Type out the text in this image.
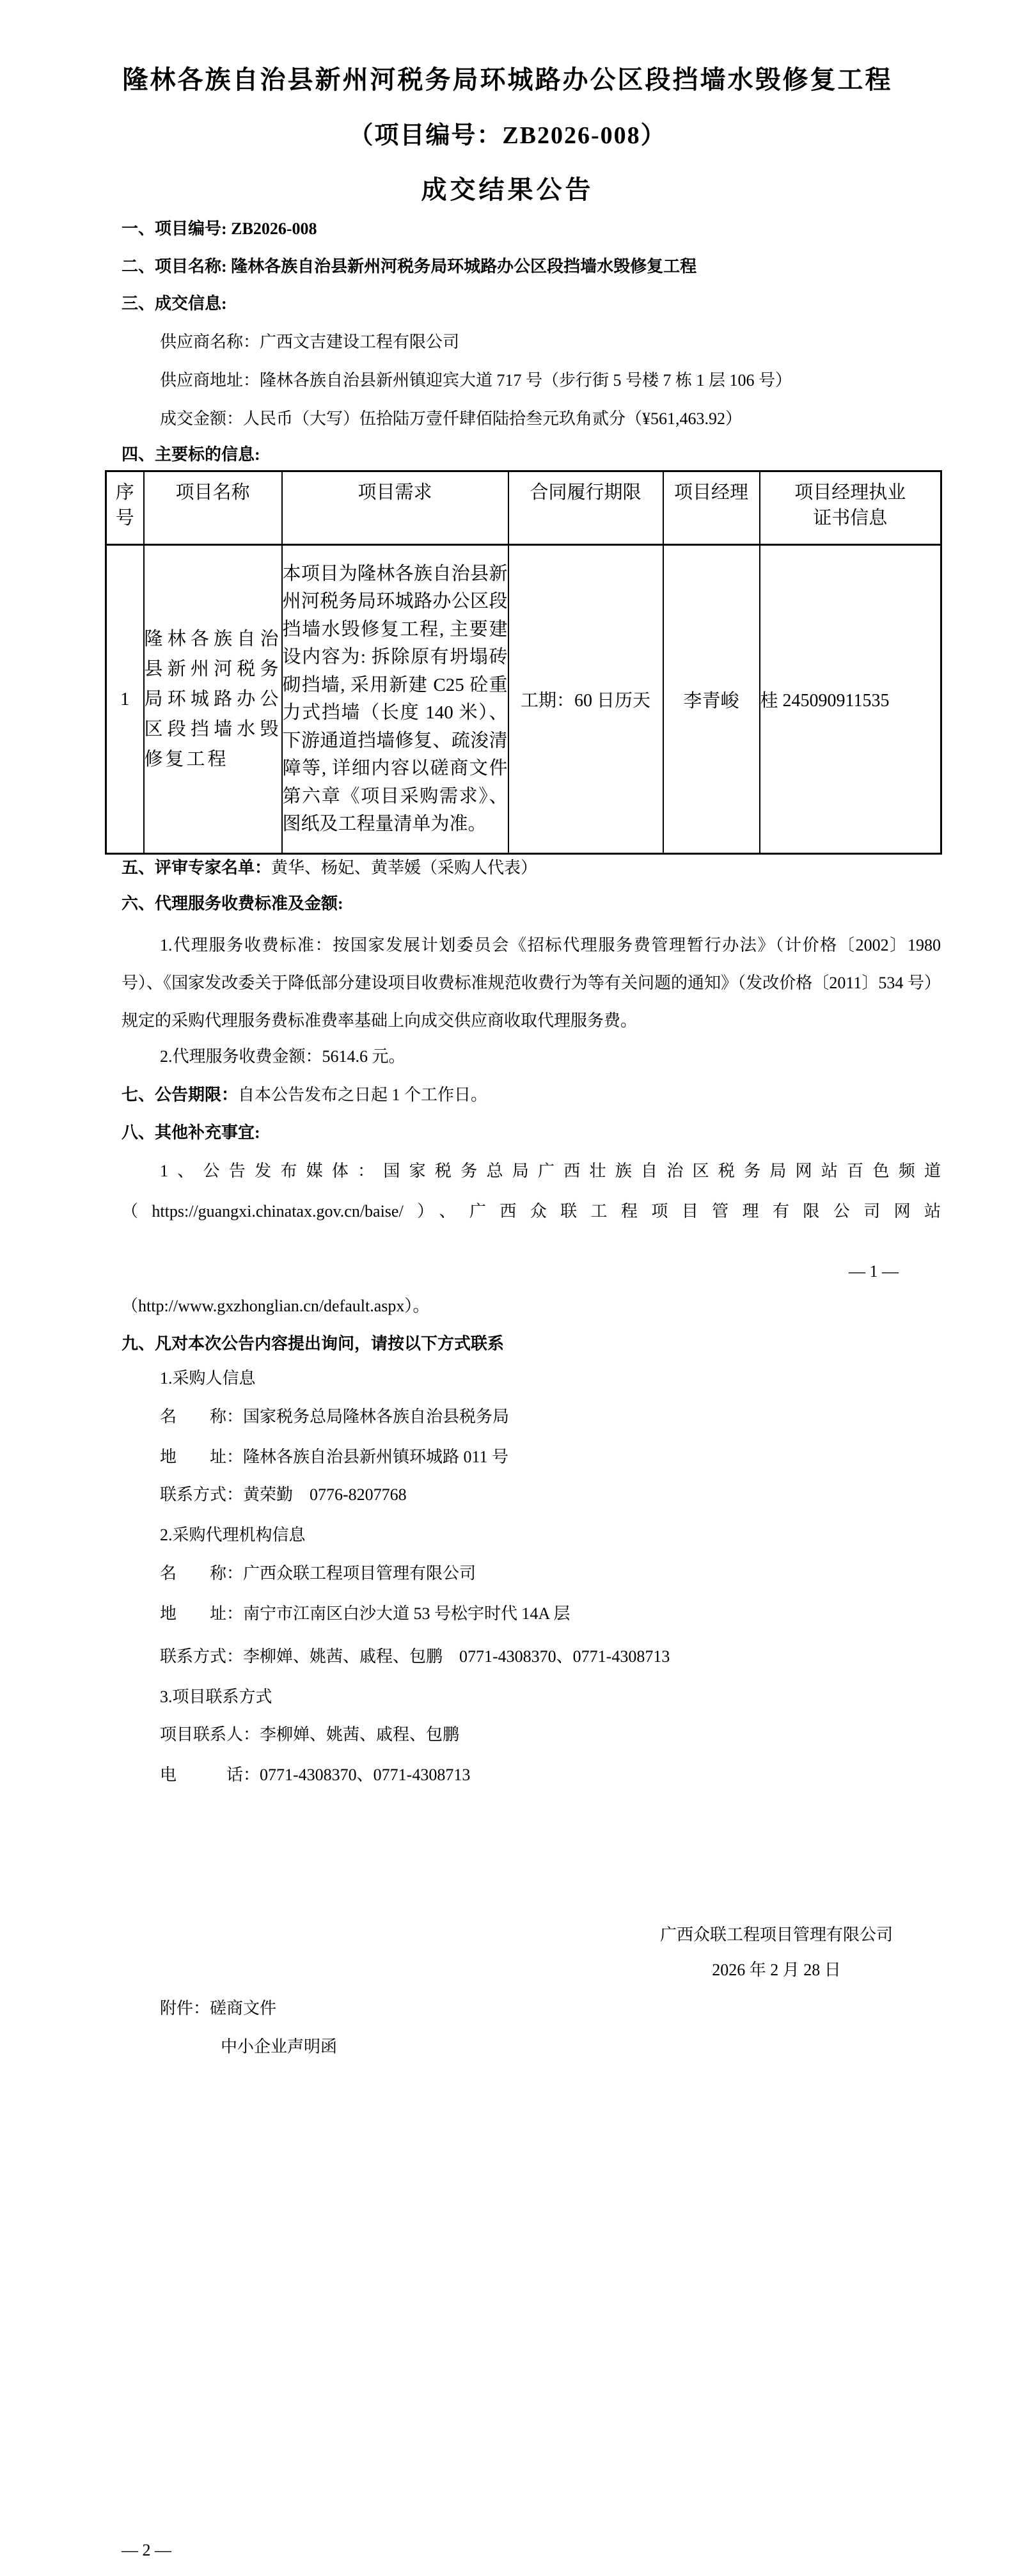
隆林各族自治县新州河税务局环城路办公区段挡墙水毁修复工程
（项目编号：ZB2026-008）
成交结果公告
一、项目编号: ZB2026-008
二、项目名称: 隆林各族自治县新州河税务局环城路办公区段挡墙水毁修复工程
三、成交信息:
供应商名称：广西文吉建设工程有限公司
供应商地址：隆林各族自治县新州镇迎宾大道 717 号（步行街 5 号楼 7 栋 1 层 106 号）
成交金额：人民币（大写）伍拾陆万壹仟肆佰陆拾叁元玖角贰分（¥561,463.92）
四、主要标的信息:
序号	项目名称	项目需求	合同履行期限	项目经理	项目经理执业证书信息
1	隆林各族自治县新州河税务局环城路办公区段挡墙水毁修复工程	本项目为隆林各族自治县新州河税务局环城路办公区段挡墙水毁修复工程, 主要建设内容为: 拆除原有坍塌砖砌挡墙, 采用新建 C25 砼重力式挡墙（长度 140 米）、下游通道挡墙修复、疏浚清障等, 详细内容以磋商文件第六章《项目采购需求》、图纸及工程量清单为准。	工期：60 日历天	李青峻	桂 245090911535
五、评审专家名单：黄华、杨妃、黄莘媛（采购人代表）
六、代理服务收费标准及金额:
1.代理服务收费标准：按国家发展计划委员会《招标代理服务费管理暂行办法》（计价格〔2002〕1980 号）、《国家发改委关于降低部分建设项目收费标准规范收费行为等有关问题的通知》（发改价格〔2011〕534 号）规定的采购代理服务费标准费率基础上向成交供应商收取代理服务费。
2.代理服务收费金额：5614.6 元。
七、公告期限：自本公告发布之日起 1 个工作日。
八、其他补充事宜:
1、公告发布媒体：国家税务总局广西壮族自治区税务局网站百色频道
（https://guangxi.chinatax.gov.cn/baise/）、广西众联工程项目管理有限公司网站
— 1 —
（http://www.gxzhonglian.cn/default.aspx）。
九、凡对本次公告内容提出询问，请按以下方式联系
1.采购人信息
名　　称：国家税务总局隆林各族自治县税务局
地　　址：隆林各族自治县新州镇环城路 011 号
联系方式：黄荣勤　0776-8207768
2.采购代理机构信息
名　　称：广西众联工程项目管理有限公司
地　　址：南宁市江南区白沙大道 53 号松宇时代 14A 层
联系方式：李柳婵、姚茜、戚程、包鹏　0771-4308370、0771-4308713
3.项目联系方式
项目联系人：李柳婵、姚茜、戚程、包鹏
电　　　话：0771-4308370、0771-4308713
广西众联工程项目管理有限公司
2026 年 2 月 28 日
附件：磋商文件
中小企业声明函
— 2 —
